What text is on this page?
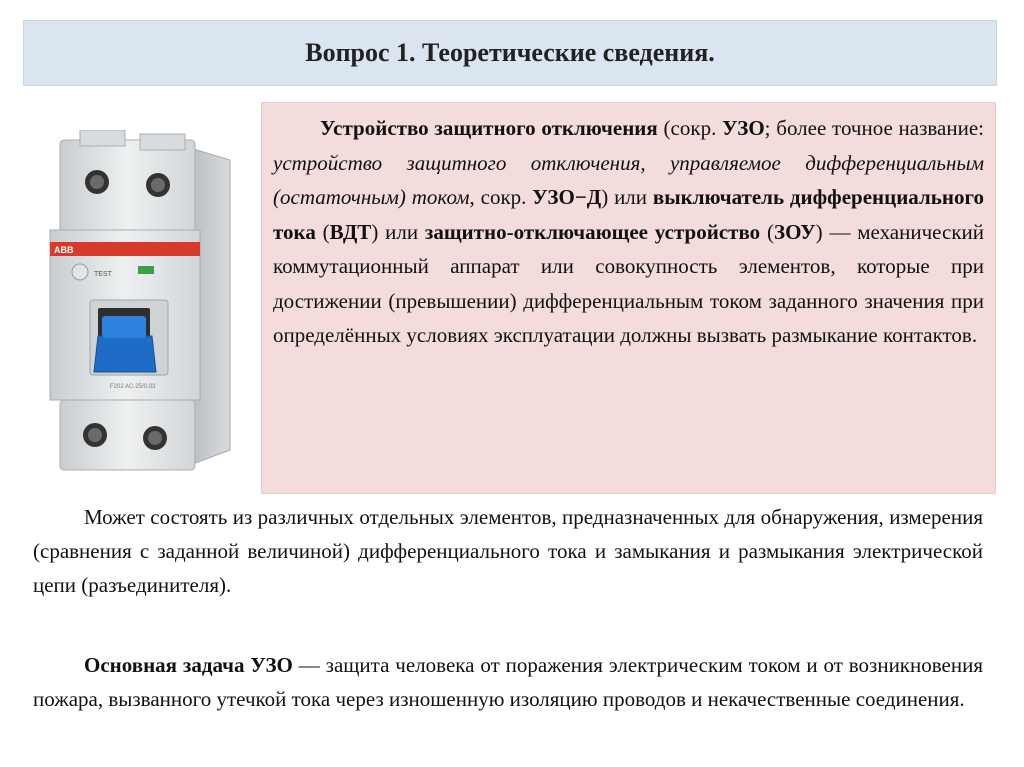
Вопрос 1. Теоретические сведения.
ABB
TEST
F202 AC-25/0.03

Устройство защитного отключения (сокр. УЗО; более точное название: устройство защитного отключения, управляемое дифференциальным (остаточным) током, сокр. УЗО−Д) или выключатель дифференциального тока (ВДТ) или защитно-отключающее устройство (ЗОУ) — механический коммутационный аппарат или совокупность элементов, которые при достижении (превышении) дифференциальным током заданного значения при определённых условиях эксплуатации должны вызвать размыкание контактов.

Может состоять из различных отдельных элементов, предназначенных для обнаружения, измерения (сравнения с заданной величиной) дифференциального тока и замыкания и размыкания электрической цепи (разъединителя).

Основная задача УЗО — защита человека от поражения электрическим током и от возникновения пожара, вызванного утечкой тока через изношенную изоляцию проводов и некачественные соединения.
